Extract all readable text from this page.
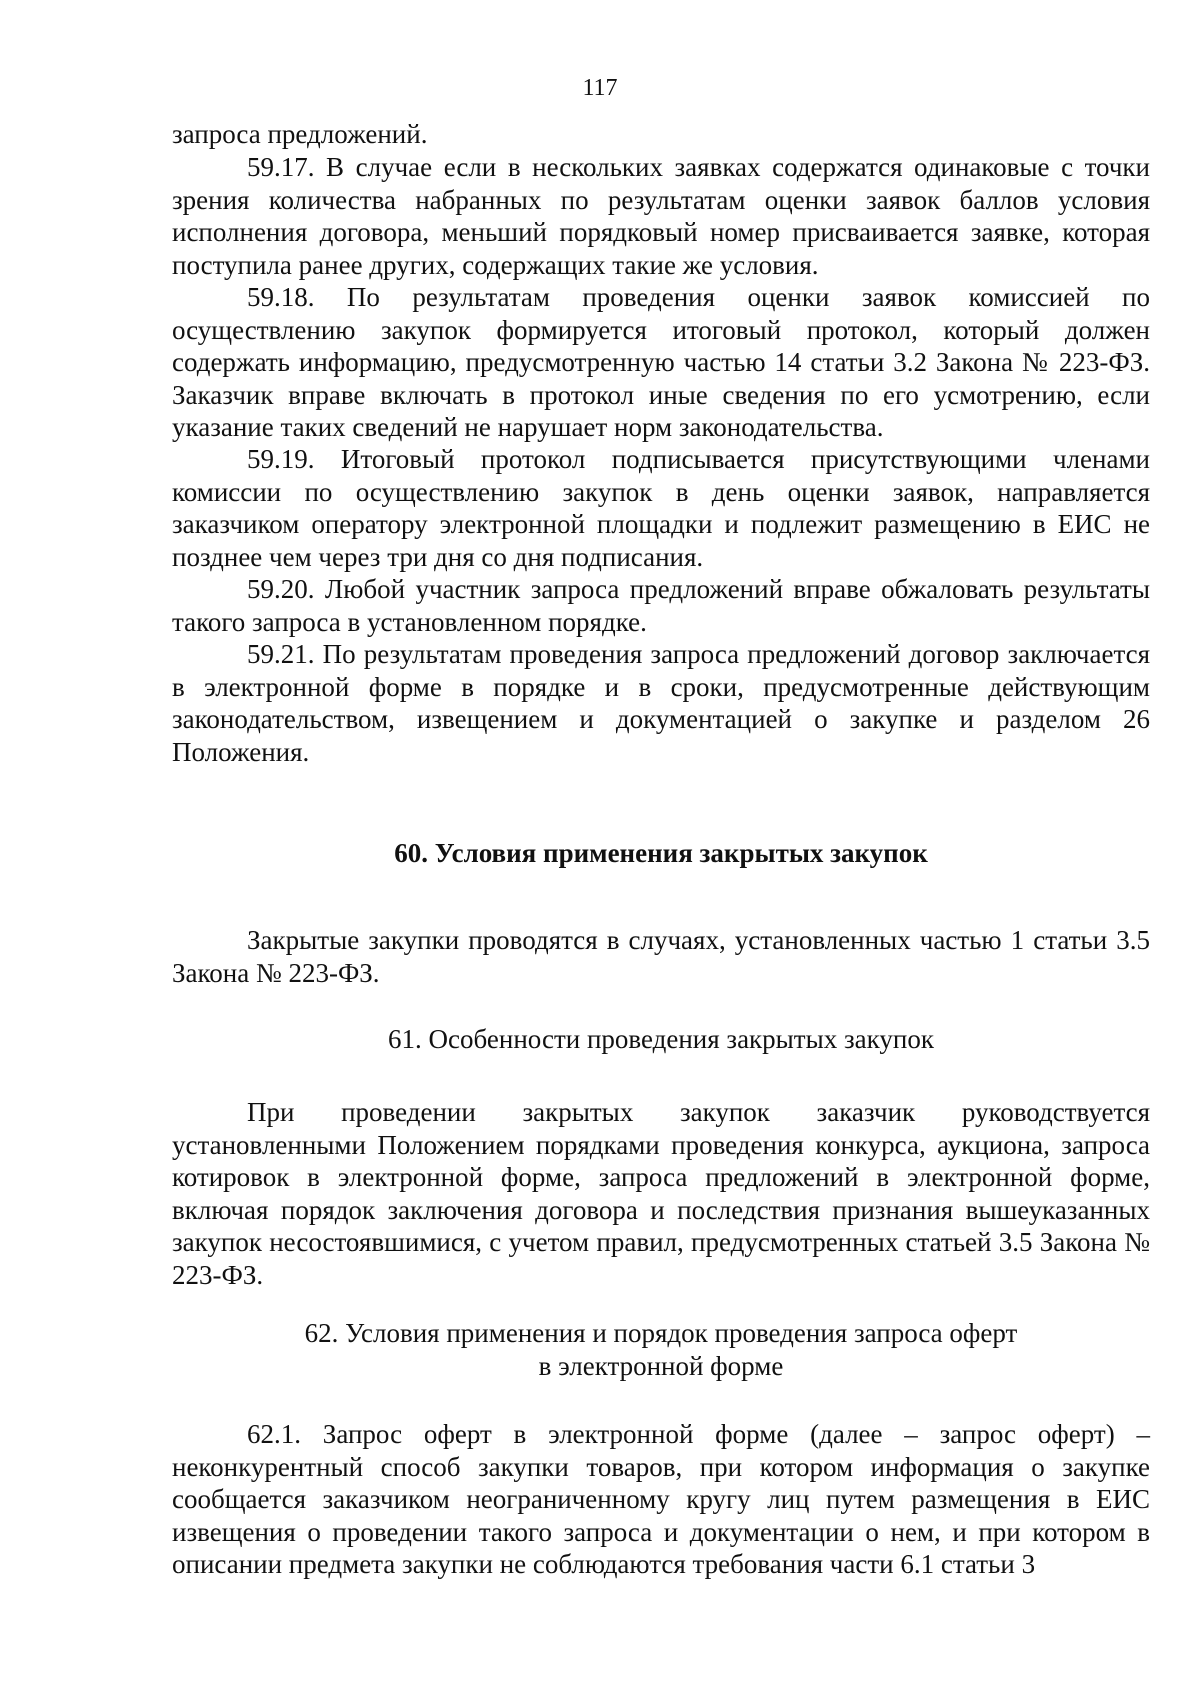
117

запроса предложений.

59.17. В случае если в нескольких заявках содержатся одинаковые с точки зрения количества набранных по результатам оценки заявок баллов условия исполнения договора, меньший порядковый номер присваивается заявке, которая поступила ранее других, содержащих такие же условия.

59.18. По результатам проведения оценки заявок комиссией по осуществлению закупок формируется итоговый протокол, который должен содержать информацию, предусмотренную частью 14 статьи 3.2 Закона № 223-ФЗ. Заказчик вправе включать в протокол иные сведения по его усмотрению, если указание таких сведений не нарушает норм законодательства.

59.19. Итоговый протокол подписывается присутствующими членами комиссии по осуществлению закупок в день оценки заявок, направляется заказчиком оператору электронной площадки и подлежит размещению в ЕИС не позднее чем через три дня со дня подписания.

59.20. Любой участник запроса предложений вправе обжаловать результаты такого запроса в установленном порядке.

59.21. По результатам проведения запроса предложений договор заключается в электронной форме в порядке и в сроки, предусмотренные действующим законодательством, извещением и документацией о закупке и разделом 26 Положения.

60. Условия применения закрытых закупок

Закрытые закупки проводятся в случаях, установленных частью 1 статьи 3.5 Закона № 223-ФЗ.

61. Особенности проведения закрытых закупок

При проведении закрытых закупок заказчик руководствуется установленными Положением порядками проведения конкурса, аукциона, запроса котировок в электронной форме, запроса предложений в электронной форме, включая порядок заключения договора и последствия признания вышеуказанных закупок несостоявшимися, с учетом правил, предусмотренных статьей 3.5 Закона № 223-ФЗ.

62. Условия применения и порядок проведения запроса оферт

в электронной форме

62.1. Запрос оферт в электронной форме (далее – запрос оферт) – неконкурентный способ закупки товаров, при котором информация о закупке сообщается заказчиком неограниченному кругу лиц путем размещения в ЕИС извещения о проведении такого запроса и документации о нем, и при котором в описании предмета закупки не соблюдаются требования части 6.1 статьи 3
